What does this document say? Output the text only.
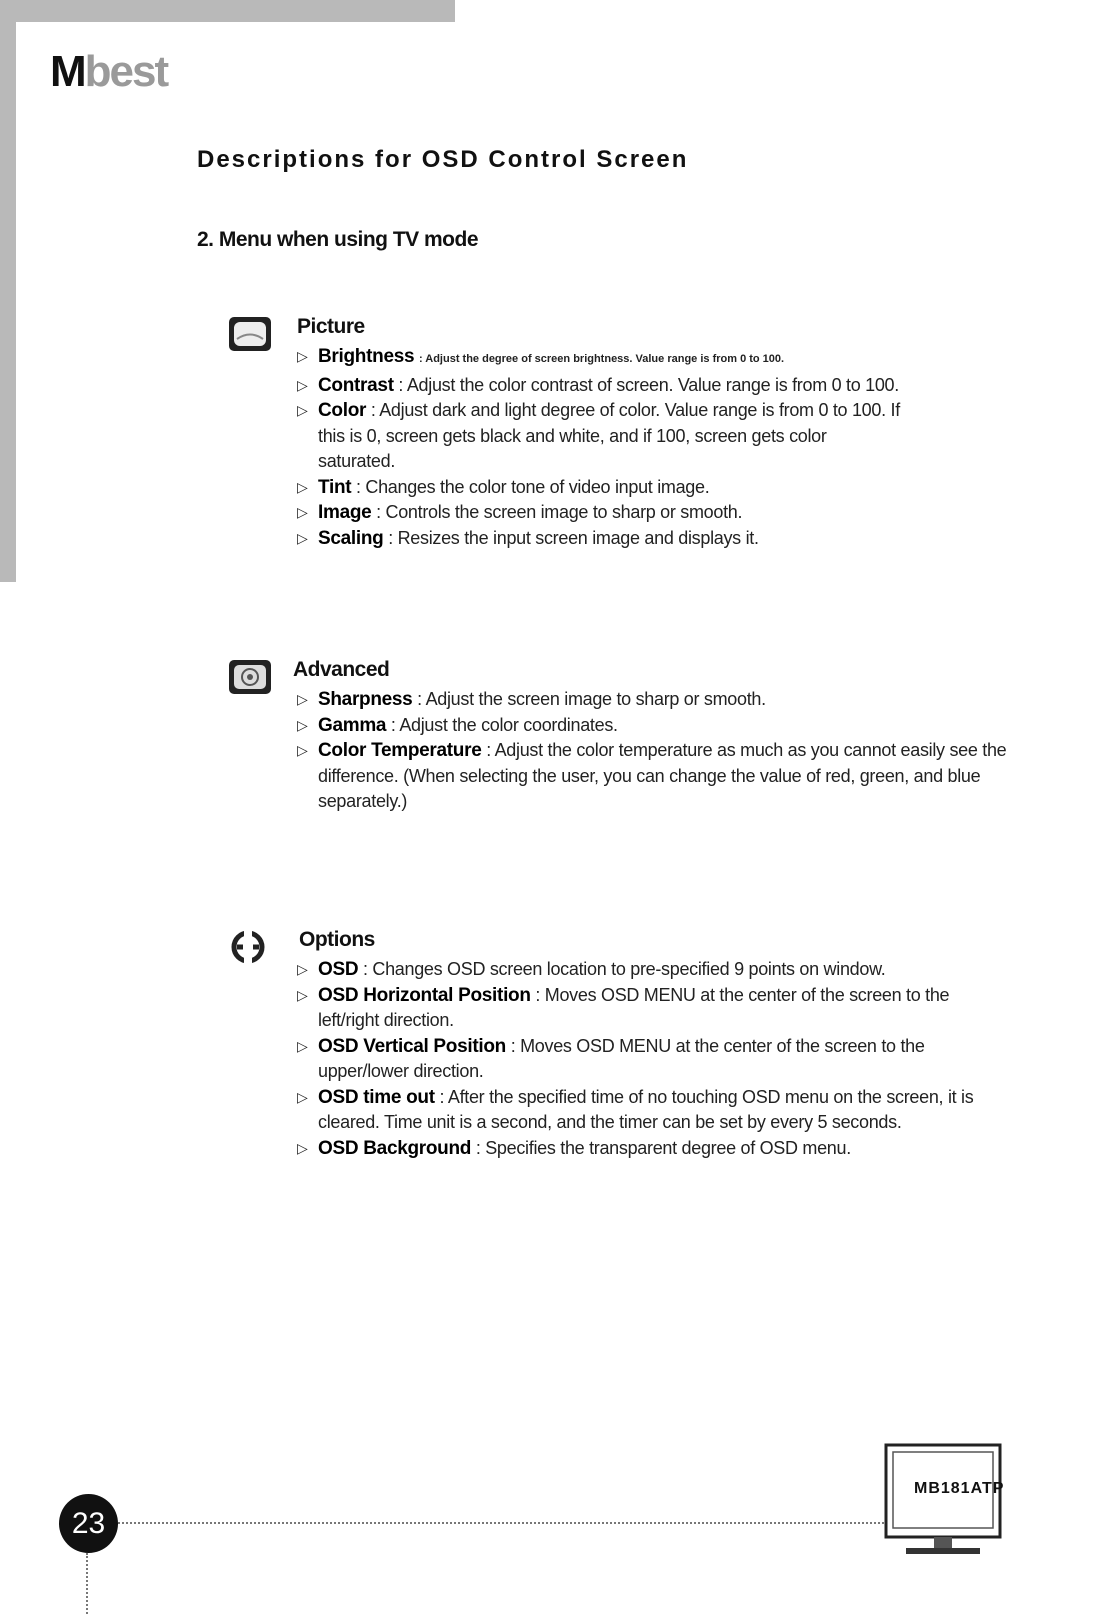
Mbest
Descriptions for OSD Control Screen
2. Menu when using TV mode
Picture
▷ Brightness : Adjust the degree of screen brightness. Value range is from 0 to 100.
▷ Contrast : Adjust the color contrast of screen. Value range is from 0 to 100.
▷ Color : Adjust dark and light degree of color. Value range is from 0 to 100. If this is 0, screen gets black and white, and if 100, screen gets color saturated.
▷ Tint : Changes the color tone of video input image.
▷ Image : Controls the screen image to sharp or smooth.
▷ Scaling : Resizes the input screen image and displays it.
Advanced
▷ Sharpness : Adjust the screen image to sharp or smooth.
▷ Gamma : Adjust the color coordinates.
▷ Color Temperature : Adjust the color temperature as much as you cannot easily see the difference. (When selecting the user, you can change the value of red, green, and blue separately.)
Options
▷ OSD : Changes OSD screen location to pre-specified 9 points on window.
▷ OSD Horizontal Position : Moves OSD MENU at the center of the screen to the left/right direction.
▷ OSD Vertical Position : Moves OSD MENU at the center of the screen to the upper/lower direction.
▷ OSD time out : After the specified time of no touching OSD menu on the screen, it is cleared. Time unit is a second, and the timer can be set by every 5 seconds.
▷ OSD Background : Specifies the transparent degree of OSD menu.
MB181ATP
23
